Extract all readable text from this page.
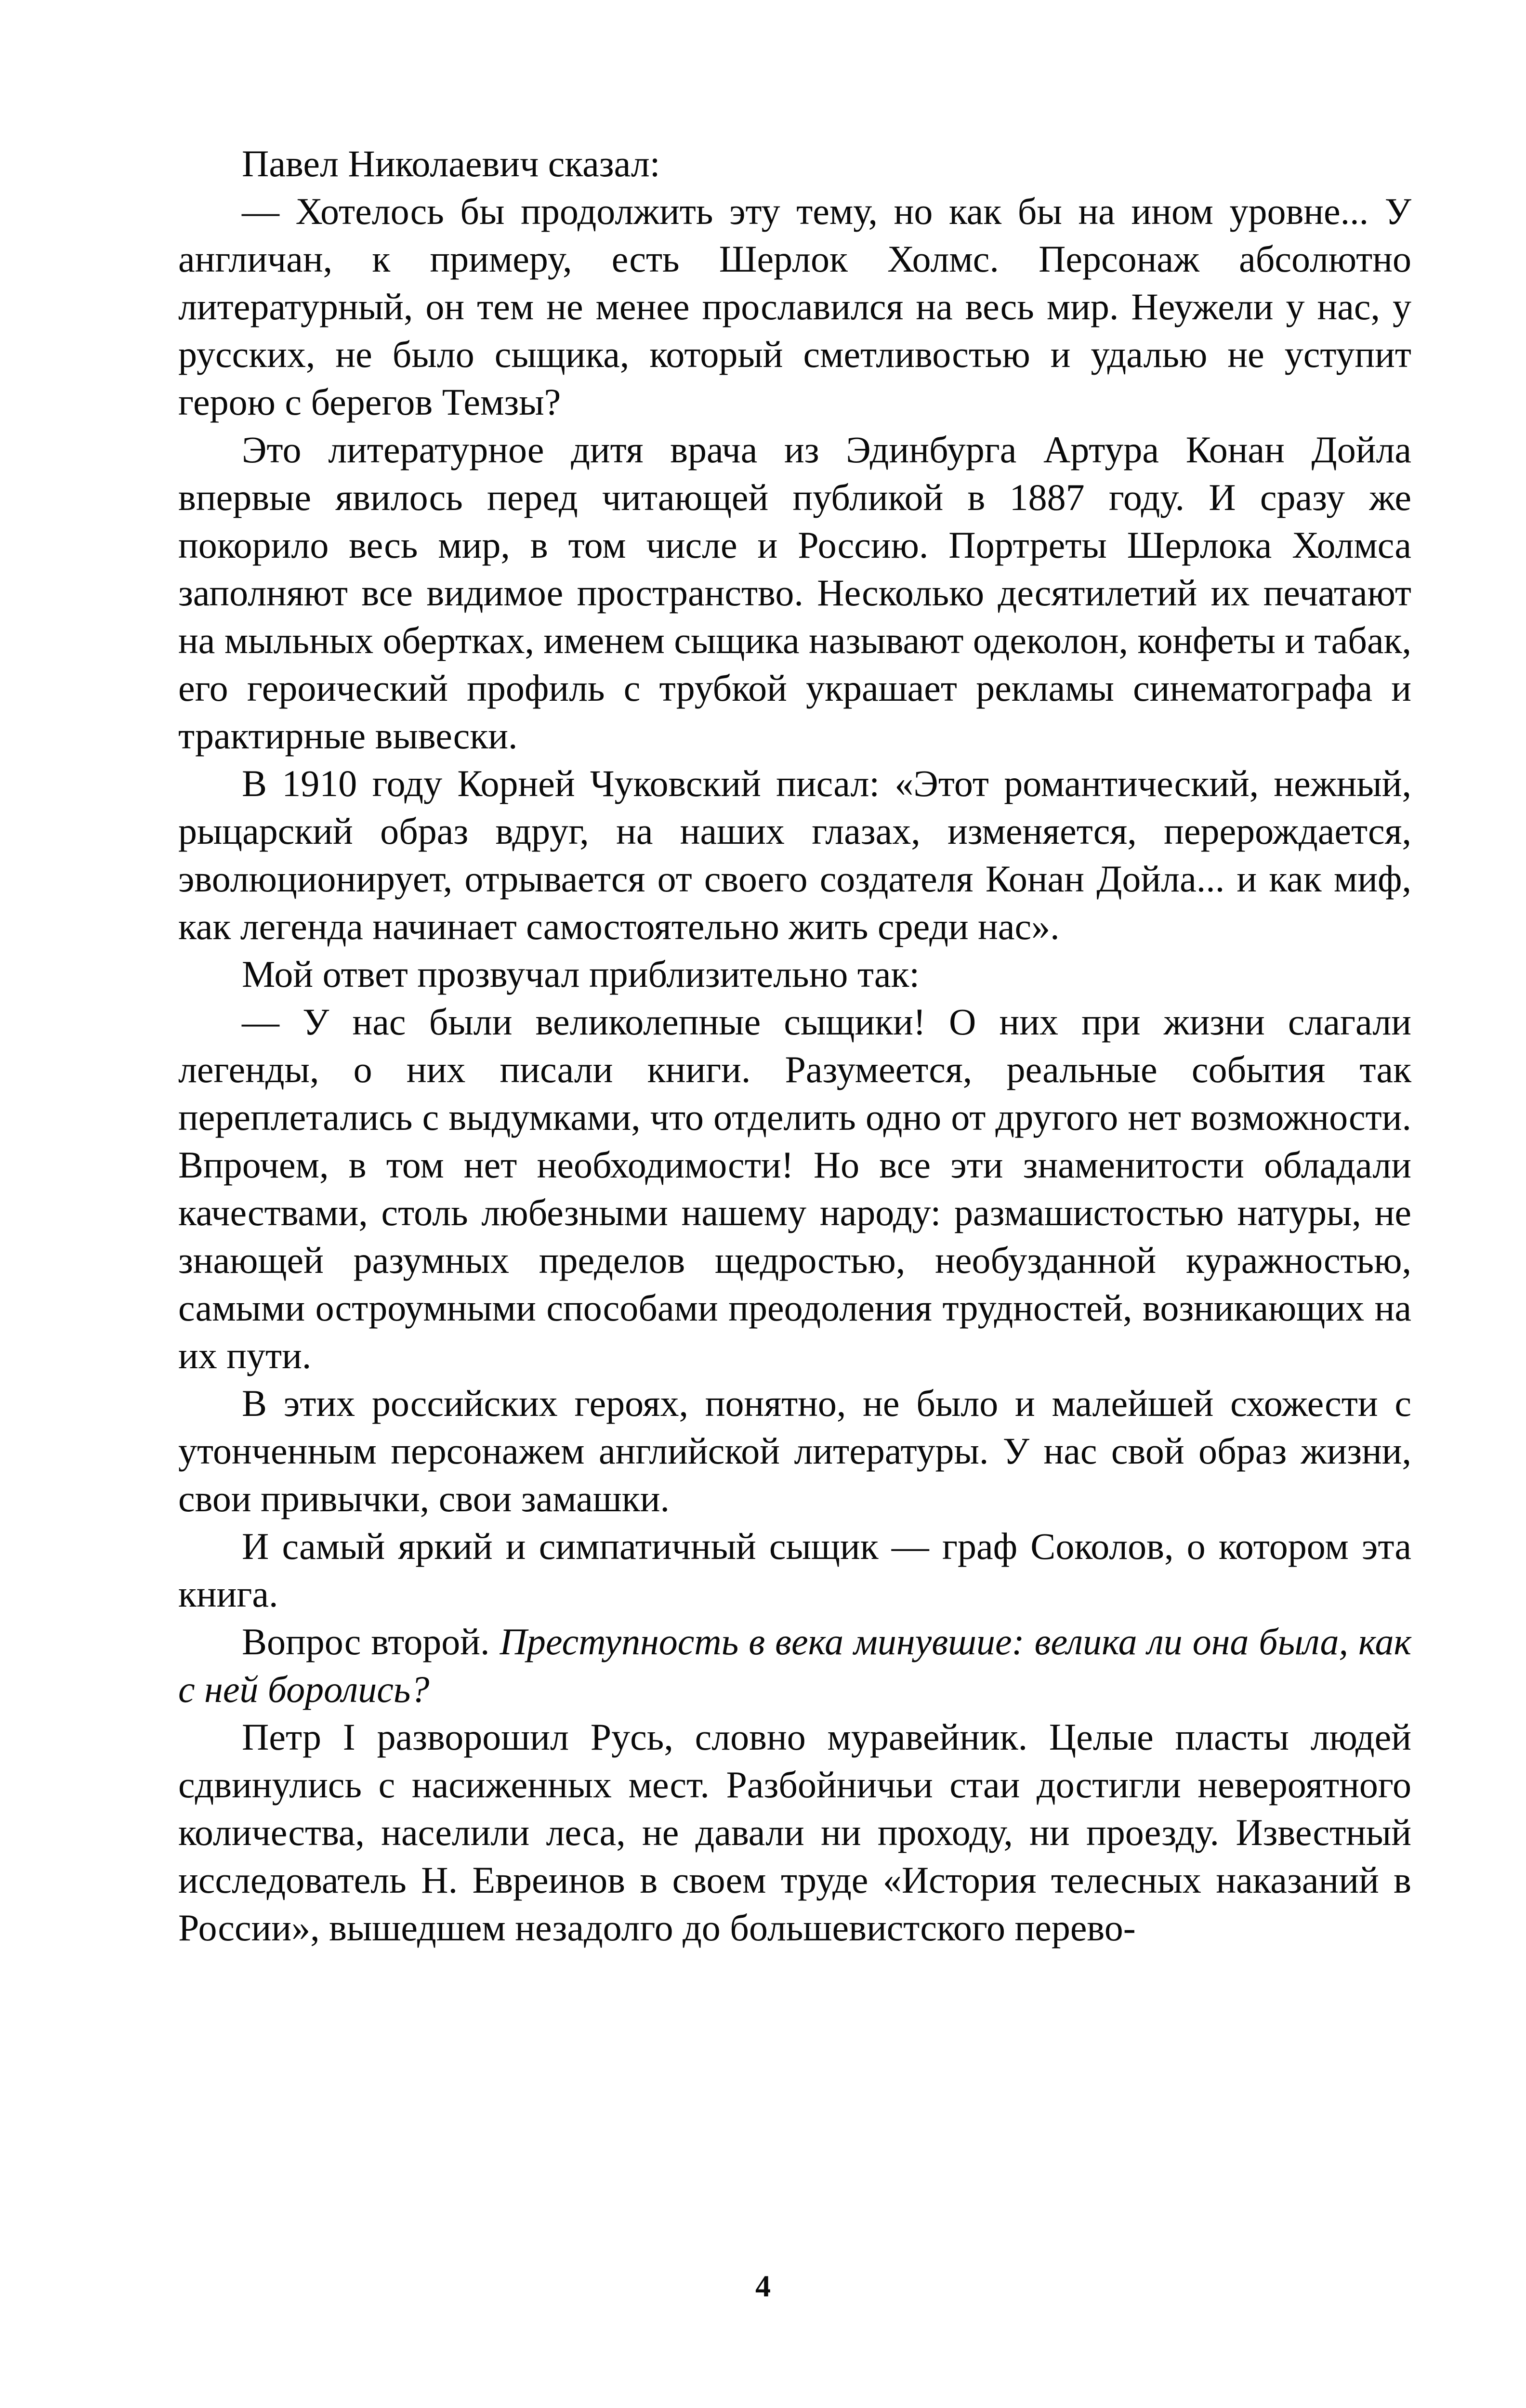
Павел Николаевич сказал:

— Хотелось бы продолжить эту тему, но как бы на ином уровне... У англичан, к примеру, есть Шерлок Холмс. Персонаж абсолютно литературный, он тем не менее прославился на весь мир. Неужели у нас, у русских, не было сыщика, который сметливостью и удалью не уступит герою с берегов Темзы?

Это литературное дитя врача из Эдинбурга Артура Конан Дойла впервые явилось перед читающей публикой в 1887 году. И сразу же покорило весь мир, в том числе и Россию. Портреты Шерлока Холмса заполняют все видимое пространство. Несколько десятилетий их печатают на мыльных обертках, именем сыщика называют одеколон, конфеты и табак, его героический профиль с трубкой украшает рекламы синематографа и трактирные вывески.

В 1910 году Корней Чуковский писал: «Этот романтический, нежный, рыцарский образ вдруг, на наших глазах, изменяется, перерождается, эволюционирует, отрывается от своего создателя Конан Дойла... и как миф, как легенда начинает самостоятельно жить среди нас».

Мой ответ прозвучал приблизительно так:

— У нас были великолепные сыщики! О них при жизни слагали легенды, о них писали книги. Разумеется, реальные события так переплетались с выдумками, что отделить одно от другого нет возможности. Впрочем, в том нет необходимости! Но все эти знаменитости обладали качествами, столь любезными нашему народу: размашистостью натуры, не знающей разумных пределов щедростью, необузданной куражностью, самыми остроумными способами преодоления трудностей, возникающих на их пути.

В этих российских героях, понятно, не было и малейшей схожести с утонченным персонажем английской литературы. У нас свой образ жизни, свои привычки, свои замашки.

И самый яркий и симпатичный сыщик — граф Соколов, о котором эта книга.

Вопрос второй. Преступность в века минувшие: велика ли она была, как с ней боролись?

Петр I разворошил Русь, словно муравейник. Целые пласты людей сдвинулись с насиженных мест. Разбойничьи стаи достигли невероятного количества, населили леса, не давали ни проходу, ни проезду. Известный исследователь Н. Евреинов в своем труде «История телесных наказаний в России», вышедшем незадолго до большевистского перево-

4
